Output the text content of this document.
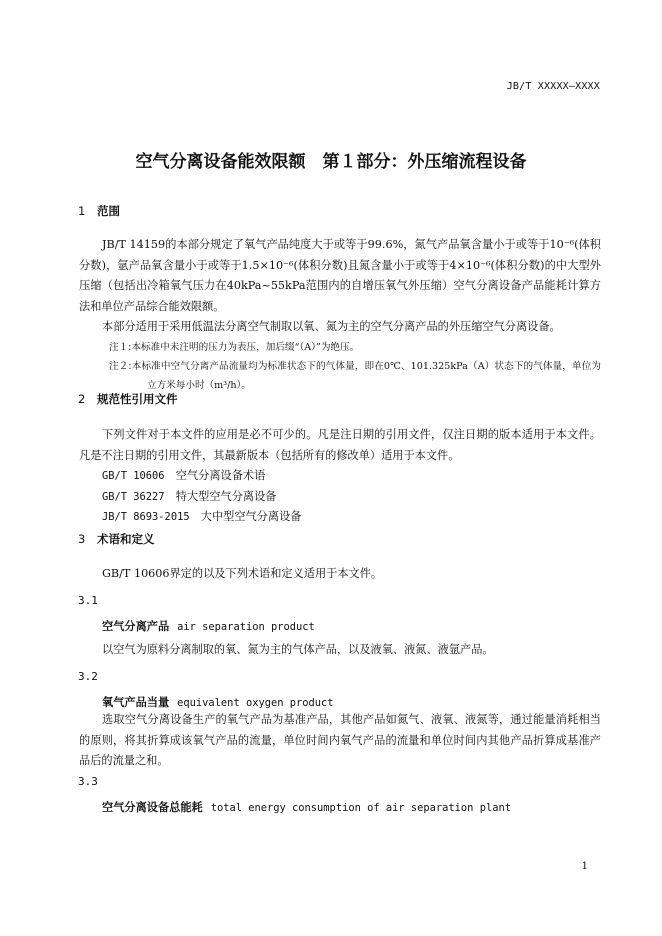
JB/T XXXXX—XXXX
空气分离设备能效限额　第１部分：外压缩流程设备
1 范围

JB/T 14159的本部分规定了氧气产品纯度大于或等于99.6%，氮气产品氧含量小于或等于10⁻⁶(体积分数)，氩产品氧含量小于或等于1.5×10⁻⁶(体积分数)且氮含量小于或等于4×10⁻⁶(体积分数)的中大型外压缩（包括出冷箱氧气压力在40kPa~55kPa范围内的自增压氧气外压缩）空气分离设备产品能耗计算方法和单位产品综合能效限额。

本部分适用于采用低温法分离空气制取以氧、氮为主的空气分离产品的外压缩空气分离设备。

注１:本标准中未注明的压力为表压，加后缀“（A）”为绝压。
注２:本标准中空气分离产品流量均为标准状态下的气体量，即在0℃、101.325kPa（A）状态下的气体量，单位为立方米每小时（m³/h）。
2 规范性引用文件

下列文件对于本文件的应用是必不可少的。凡是注日期的引用文件，仅注日期的版本适用于本文件。凡是不注日期的引用文件，其最新版本（包括所有的修改单）适用于本文件。

GB/T 10606　 空气分离设备术语
GB/T 36227　 特大型空气分离设备
JB/T 8693-2015　 大中型空气分离设备
3 术语和定义

GB/T 10606界定的以及下列术语和定义适用于本文件。

3.1
空气分离产品 air separation product

以空气为原料分离制取的氧、氮为主的气体产品，以及液氧、液氮、液氩产品。

3.2
氧气产品当量 equivalent oxygen product

选取空气分离设备生产的氧气产品为基准产品，其他产品如氮气、液氧、液氮等，通过能量消耗相当的原则，将其折算成该氧气产品的流量，单位时间内氧气产品的流量和单位时间内其他产品折算成基准产品后的流量之和。

3.3
空气分离设备总能耗 total energy consumption of air separation plant
1
